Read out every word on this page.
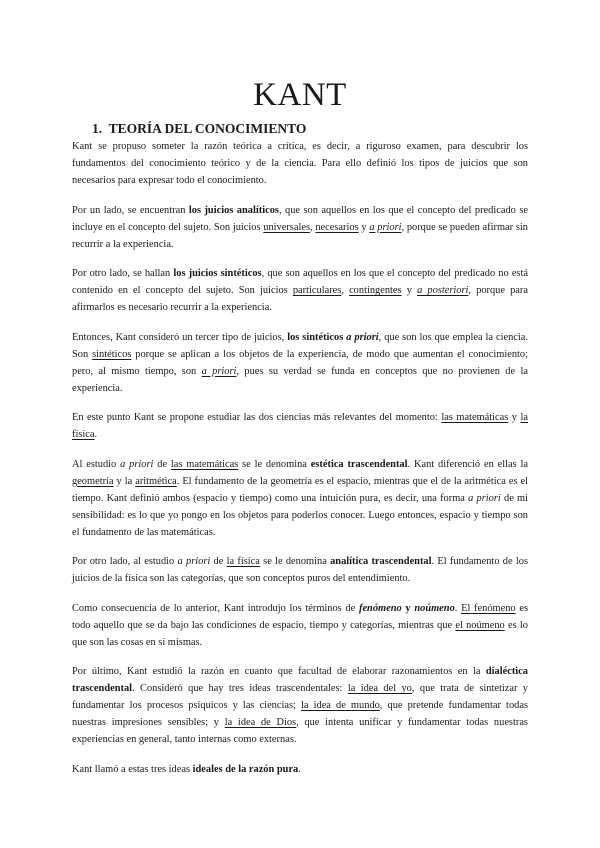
KANT
1. TEORÍA DEL CONOCIMIENTO

Kant se propuso someter la razón teórica a crítica, es decir, a riguroso examen, para descubrir los fundamentos del conocimiento teórico y de la ciencia. Para ello definió los tipos de juicios que son necesarios para expresar todo el conocimiento.

Por un lado, se encuentran los juicios analíticos, que son aquellos en los que el concepto del predicado se incluye en el concepto del sujeto. Son juicios universales, necesarios y a priori, porque se pueden afirmar sin recurrir a la experiencia.

Por otro lado, se hallan los juicios sintéticos, que son aquellos en los que el concepto del predicado no está contenido en el concepto del sujeto. Son juicios particulares, contingentes y a posteriori, porque para afirmarlos es necesario recurrir a la experiencia.

Entonces, Kant consideró un tercer tipo de juicios, los sintéticos a priori, que son los que emplea la ciencia. Son sintéticos porque se aplican a los objetos de la experiencia, de modo que aumentan el conocimiento; pero, al mismo tiempo, son a priori, pues su verdad se funda en conceptos que no provienen de la experiencia.

En este punto Kant se propone estudiar las dos ciencias más relevantes del momento: las matemáticas y la física.

Al estudio a priori de las matemáticas se le denomina estética trascendental. Kant diferenció en ellas la geometría y la aritmética. El fundamento de la geometría es el espacio, mientras que el de la aritmética es el tiempo. Kant definió ambos (espacio y tiempo) como una intuición pura, es decir, una forma a priori de mi sensibilidad: es lo que yo pongo en los objetos para poderlos conocer. Luego entonces, espacio y tiempo son el fundamento de las matemáticas.

Por otro lado, al estudio a priori de la física se le denomina analítica trascendental. El fundamento de los juicios de la física son las categorías, que son conceptos puros del entendimiento.

Como consecuencia de lo anterior, Kant introdujo los términos de fenómeno y noúmeno. El fenómeno es todo aquello que se da bajo las condiciones de espacio, tiempo y categorías, mientras que el noúmeno es lo que son las cosas en sí mismas.

Por último, Kant estudió la razón en cuanto que facultad de elaborar razonamientos en la dialéctica trascendental. Consideró que hay tres ideas trascendentales: la idea del yo, que trata de sintetizar y fundamentar los procesos psíquicos y las ciencias; la idea de mundo, que pretende fundamentar todas nuestras impresiones sensibles; y la idea de Dios, que intenta unificar y fundamentar todas nuestras experiencias en general, tanto internas como externas.

Kant llamó a estas tres ideas ideales de la razón pura.
